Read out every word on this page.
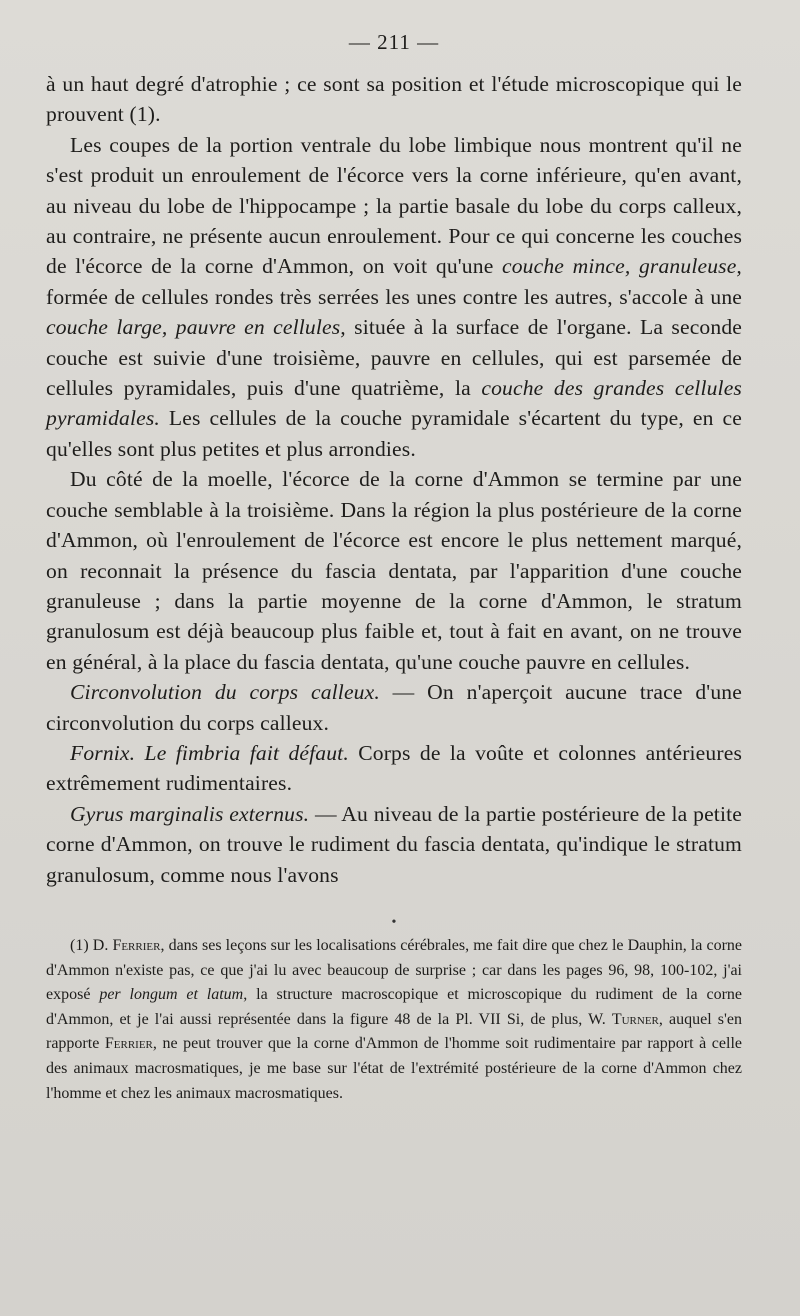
— 211 —

à un haut degré d'atrophie ; ce sont sa position et l'étude microscopique qui le prouvent (1).

Les coupes de la portion ventrale du lobe limbique nous montrent qu'il ne s'est produit un enroulement de l'écorce vers la corne inférieure, qu'en avant, au niveau du lobe de l'hippocampe ; la partie basale du lobe du corps calleux, au contraire, ne présente aucun enroulement. Pour ce qui concerne les couches de l'écorce de la corne d'Ammon, on voit qu'une couche mince, granuleuse, formée de cellules rondes très serrées les unes contre les autres, s'accole à une couche large, pauvre en cellules, située à la surface de l'organe. La seconde couche est suivie d'une troisième, pauvre en cellules, qui est parsemée de cellules pyramidales, puis d'une quatrième, la couche des grandes cellules pyramidales. Les cellules de la couche pyramidale s'écartent du type, en ce qu'elles sont plus petites et plus arrondies.

Du côté de la moelle, l'écorce de la corne d'Ammon se termine par une couche semblable à la troisième. Dans la région la plus postérieure de la corne d'Ammon, où l'enroulement de l'écorce est encore le plus nettement marqué, on reconnait la présence du fascia dentata, par l'apparition d'une couche granuleuse ; dans la partie moyenne de la corne d'Ammon, le stratum granulosum est déjà beaucoup plus faible et, tout à fait en avant, on ne trouve en général, à la place du fascia dentata, qu'une couche pauvre en cellules.

Circonvolution du corps calleux. — On n'aperçoit aucune trace d'une circonvolution du corps calleux.

Fornix. Le fimbria fait défaut. Corps de la voûte et colonnes antérieures extrêmement rudimentaires.

Gyrus marginalis externus. — Au niveau de la partie postérieure de la petite corne d'Ammon, on trouve le rudiment du fascia dentata, qu'indique le stratum granulosum, comme nous l'avons

•
(1) D. Ferrier, dans ses leçons sur les localisations cérébrales, me fait dire que chez le Dauphin, la corne d'Ammon n'existe pas, ce que j'ai lu avec beaucoup de surprise ; car dans les pages 96, 98, 100-102, j'ai exposé per longum et latum, la structure macroscopique et microscopique du rudiment de la corne d'Ammon, et je l'ai aussi représentée dans la figure 48 de la Pl. VII Si, de plus, W. Turner, auquel s'en rapporte Ferrier, ne peut trouver que la corne d'Ammon de l'homme soit rudimentaire par rapport à celle des animaux macrosmatiques, je me base sur l'état de l'extrémité postérieure de la corne d'Ammon chez l'homme et chez les animaux macrosmatiques.
